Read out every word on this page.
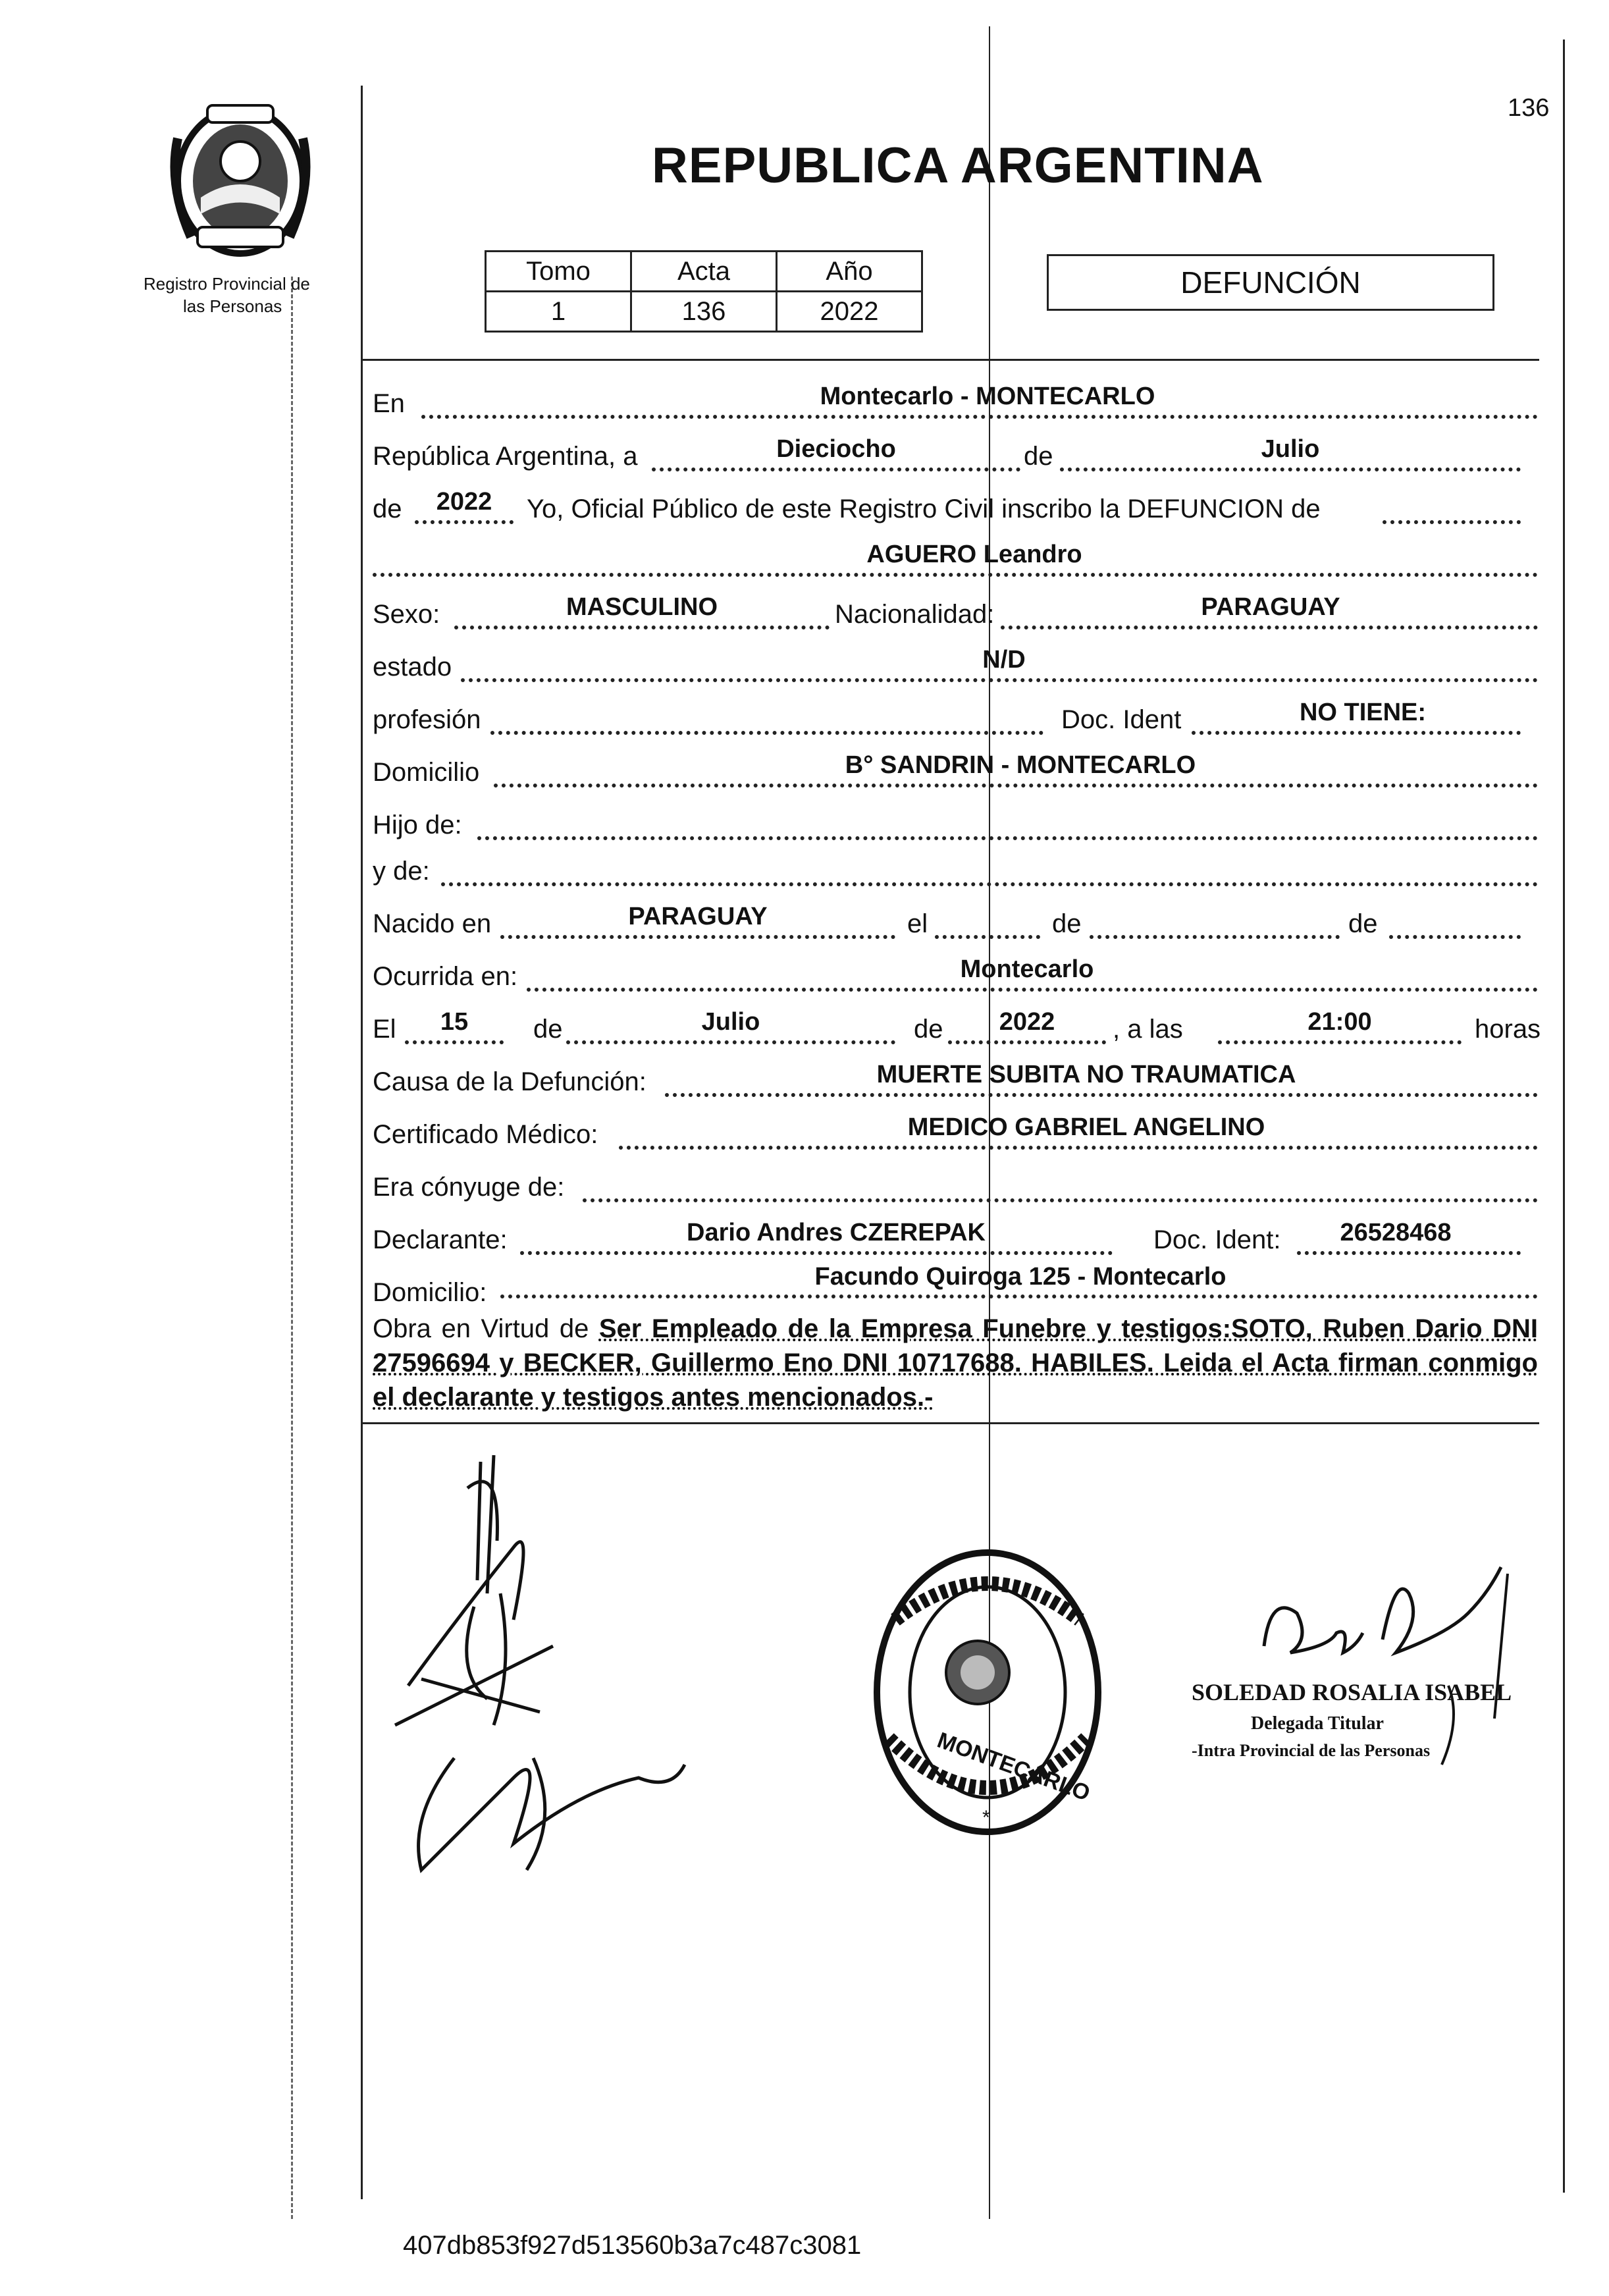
136
Registro Provincial de
las Personas
REPUBLICA ARGENTINA
Tomo	Acta	Año
1	136	2022
DEFUNCIÓN
En	Montecarlo - MONTECARLO
República Argentina, a	Dieciocho	de	Julio
de	2022	Yo, Oficial Público de este Registro Civil inscribo la DEFUNCION de
AGUERO Leandro
Sexo:	MASCULINO	Nacionalidad:	PARAGUAY
estado	N/D
profesión	Doc. Ident	NO TIENE:
Domicilio	B° SANDRIN - MONTECARLO
Hijo de:
y de:
Nacido en	PARAGUAY	el	de	de
Ocurrida en:	Montecarlo
El	15	de	Julio	de	2022	, a las	21:00	horas
Causa de la Defunción:	MUERTE SUBITA NO TRAUMATICA
Certificado Médico:	MEDICO GABRIEL ANGELINO
Era cónyuge de:
Declarante:	Dario Andres CZEREPAK	Doc. Ident:	26528468
Domicilio:
Facundo Quiroga 125 - Montecarlo
Obra en Virtud de Ser Empleado de la Empresa Funebre y testigos:SOTO, Ruben Dario DNI 27596694 y BECKER, Guillermo Eno DNI 10717688. HABILES. Leida el Acta firman conmigo el declarante y testigos antes mencionados.-
MONTECARLO
*
SOLEDAD ROSALIA ISABEL
Delegada Titular
-Intra Provincial de las Personas
407db853f927d513560b3a7c487c3081
